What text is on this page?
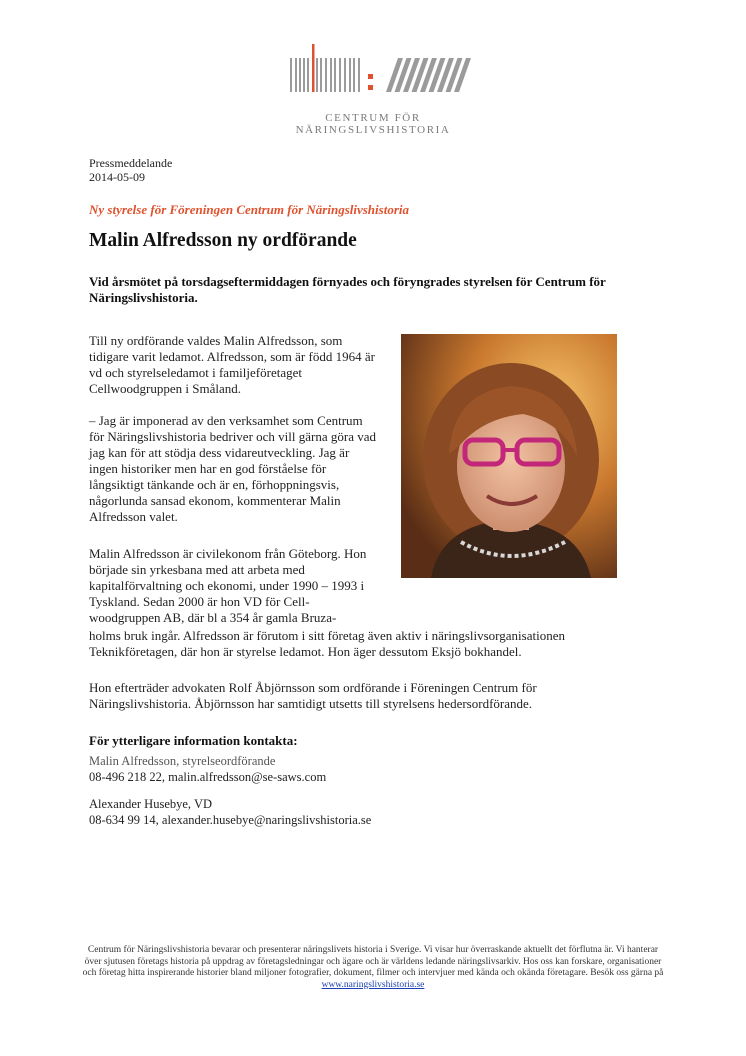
CENTRUM FÖR NÄRINGSLIVSHISTORIA
Pressmeddelande
2014-05-09
Ny styrelse för Föreningen Centrum för Näringslivshistoria
Malin Alfredsson ny ordförande
Vid årsmötet på torsdagseftermiddagen förnyades och föryngrades styrelsen för Centrum för Näringslivshistoria.
Till ny ordförande valdes Malin Alfredsson, som tidigare varit ledamot. Alfredsson, som är född 1964 är vd och styrelseledamot i familjeföretaget Cellwoodgruppen i Småland.
– Jag är imponerad av den verksamhet som Centrum för Näringslivshistoria bedriver och vill gärna göra vad jag kan för att stödja dess vidareutveckling. Jag är ingen historiker men har en god förståelse för långsiktigt tänkande och är en, förhoppningsvis, någorlunda sansad ekonom, kommenterar Malin Alfredsson valet.
Malin Alfredsson är civilekonom från Göteborg. Hon började sin yrkesbana med att arbeta med kapitalförvaltning och ekonomi, under 1990 – 1993 i Tyskland. Sedan 2000 är hon VD för Cell-woodgruppen AB, där bl a 354 år gamla Bruza-
holms bruk ingår. Alfredsson är förutom i sitt företag även aktiv i näringslivsorganisationen Teknikföretagen, där hon är styrelse ledamot. Hon äger dessutom Eksjö bokhandel.
Hon efterträder advokaten Rolf Åbjörnsson som ordförande i Föreningen Centrum för Näringslivshistoria. Åbjörnsson har samtidigt utsetts till styrelsens hedersordförande.
För ytterligare information kontakta:
Malin Alfredsson, styrelseordförande
08-496 218 22, malin.alfredsson@se-saws.com
Alexander Husebye, VD
08-634 99 14, alexander.husebye@naringslivshistoria.se
Centrum för Näringslivshistoria bevarar och presenterar näringslivets historia i Sverige. Vi visar hur överraskande aktuellt det förflutna är. Vi hanterar över sjutusen företags historia på uppdrag av företagsledningar och ägare och är världens ledande näringslivsarkiv. Hos oss kan forskare, organisationer och företag hitta inspirerande historier bland miljoner fotografier, dokument, filmer och intervjuer med kända och okända företagare. Besök oss gärna på www.naringslivshistoria.se
